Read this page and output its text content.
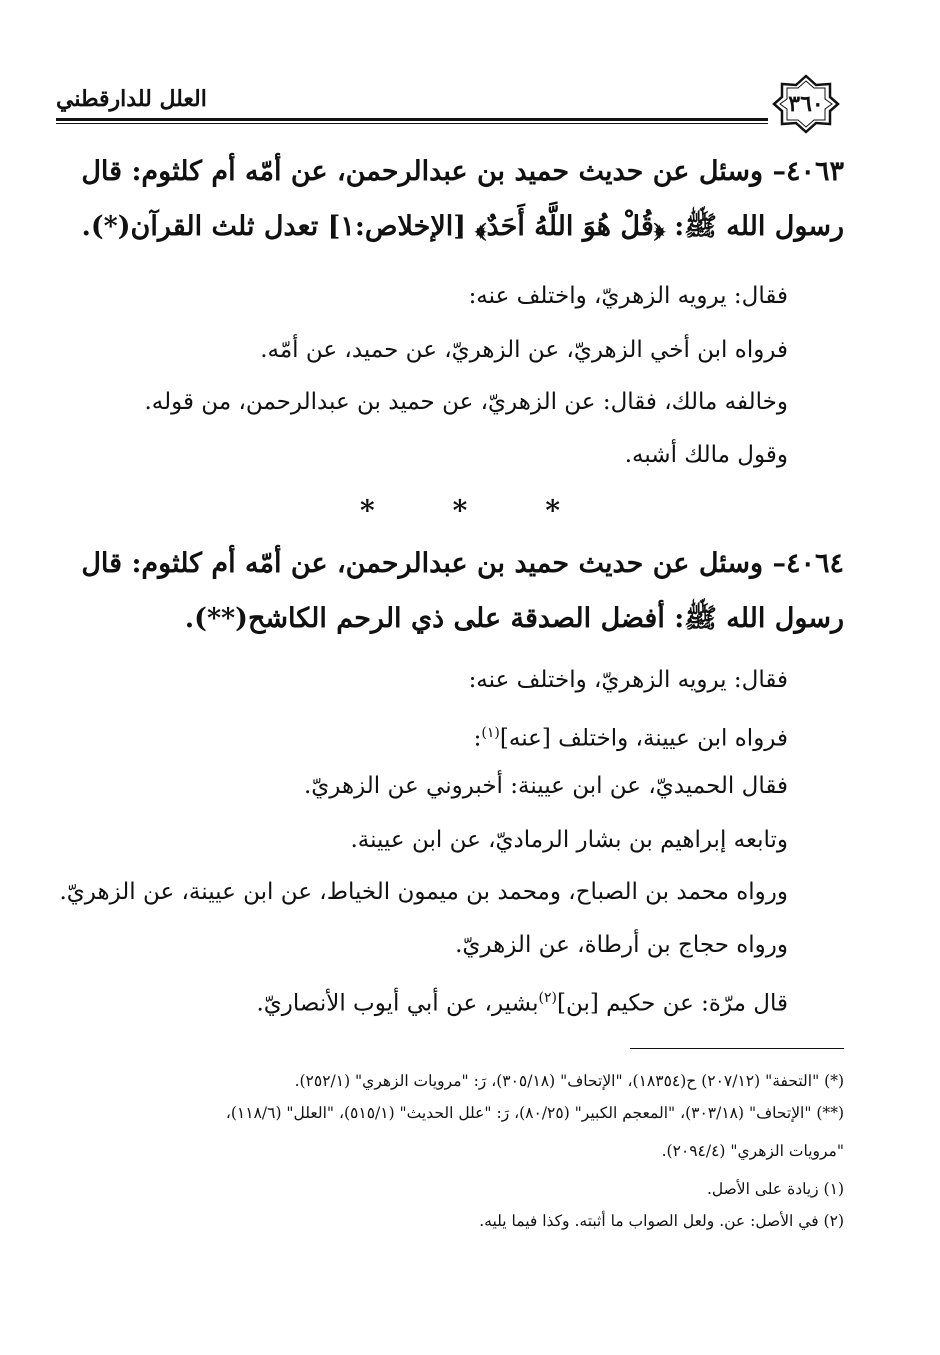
٣٦٠
العلل للدارقطني
٤٠٦٣– وسئل عن حديث حميد بن عبدالرحمن، عن أمّه أم كلثوم: قال
رسول الله ﷺ: ﴿قُلْ هُوَ اللَّهُ أَحَدٌ﴾ [الإخلاص:١] تعدل ثلث القرآن(*).
فقال: يرويه الزهريّ، واختلف عنه:
فرواه ابن أخي الزهريّ، عن الزهريّ، عن حميد، عن أمّه.
وخالفه مالك، فقال: عن الزهريّ، عن حميد بن عبدالرحمن، من قوله.
وقول مالك أشبه.
*	*	*
٤٠٦٤– وسئل عن حديث حميد بن عبدالرحمن، عن أمّه أم كلثوم: قال
رسول الله ﷺ: أفضل الصدقة على ذي الرحم الكاشح(**).
فقال: يرويه الزهريّ، واختلف عنه:
فرواه ابن عيينة، واختلف [عنه]$^{(١)}$:
فقال الحميديّ، عن ابن عيينة: أخبروني عن الزهريّ.
وتابعه إبراهيم بن بشار الرماديّ، عن ابن عيينة.
ورواه محمد بن الصباح، ومحمد بن ميمون الخياط، عن ابن عيينة، عن الزهريّ.
ورواه حجاج بن أرطاة، عن الزهريّ.
قال مرّة: عن حكيم [بن]$^{(٢)}$بشير، عن أبي أيوب الأنصاريّ.
(*) "التحفة" (٢٠٧/١٢) ح(١٨٣٥٤)، "الإتحاف" (٣٠٥/١٨)، رَ: "مرويات الزهري" (٢٥٢/١).
(**) "الإتحاف" (٣٠٣/١٨)، "المعجم الكبير" (٨٠/٢٥)، رَ: "علل الحديث" (٥١٥/١)، "العلل" (١١٨/٦)،
"مرويات الزهري" (٢٠٩٤/٤).
(١) زيادة على الأصل.
(٢) في الأصل: عن. ولعل الصواب ما أثبته. وكذا فيما يليه.
